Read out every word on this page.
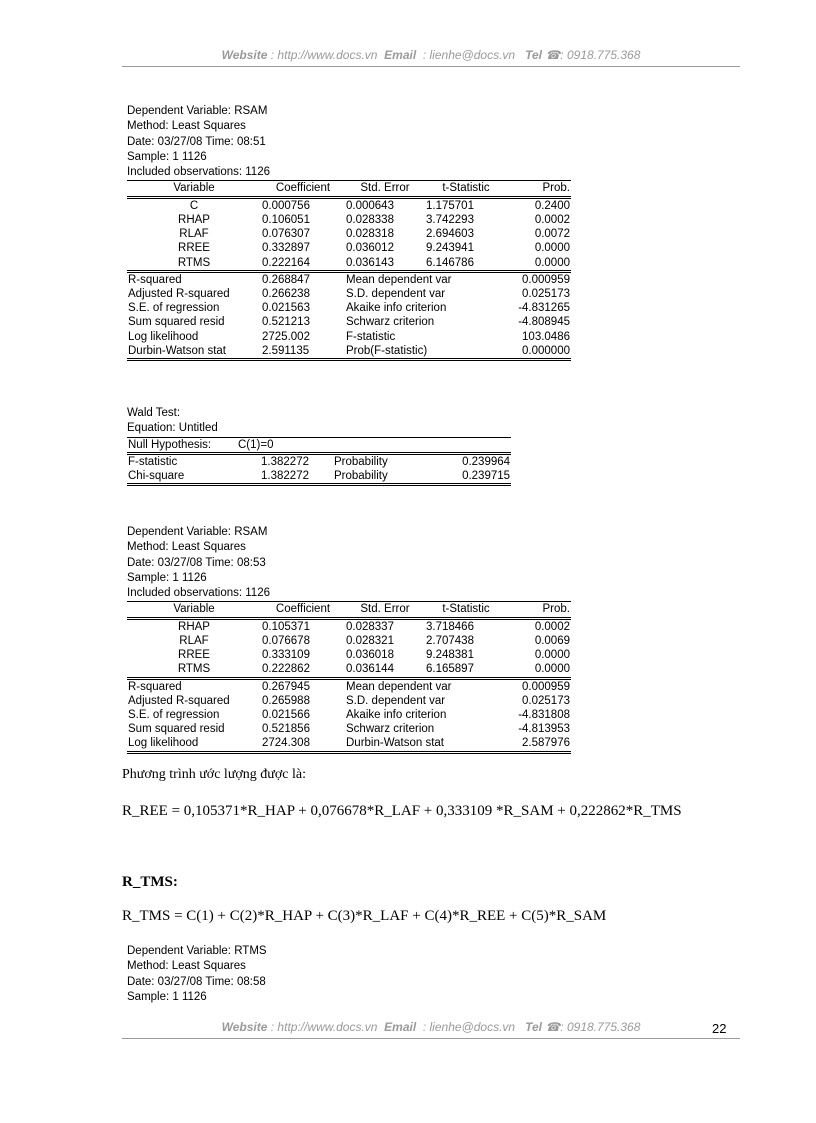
Website : http://www.docs.vn Email : lienhe@docs.vn Tel ☎: 0918.775.368
Dependent Variable: RSAM
Method: Least Squares
Date: 03/27/08 Time: 08:51
Sample: 1 1126
Included observations: 1126
Variable	Coefficient	Std. Error	t-Statistic	Prob.
C	0.000756	0.000643	1.175701	0.2400
RHAP	0.106051	0.028338	3.742293	0.0002
RLAF	0.076307	0.028318	2.694603	0.0072
RREE	0.332897	0.036012	9.243941	0.0000
RTMS	0.222164	0.036143	6.146786	0.0000
R-squared	0.268847	Mean dependent var		0.000959
Adjusted R-squared	0.266238	S.D. dependent var		0.025173
S.E. of regression	0.021563	Akaike info criterion		-4.831265
Sum squared resid	0.521213	Schwarz criterion		-4.808945
Log likelihood	2725.002	F-statistic		103.0486
Durbin-Watson stat	2.591135	Prob(F-statistic)		0.000000
Wald Test:
Equation: Untitled
Null Hypothesis:	C(1)=0		
F-statistic	1.382272	Probability	0.239964
Chi-square	1.382272	Probability	0.239715
Dependent Variable: RSAM
Method: Least Squares
Date: 03/27/08 Time: 08:53
Sample: 1 1126
Included observations: 1126
Variable	Coefficient	Std. Error	t-Statistic	Prob.
RHAP	0.105371	0.028337	3.718466	0.0002
RLAF	0.076678	0.028321	2.707438	0.0069
RREE	0.333109	0.036018	9.248381	0.0000
RTMS	0.222862	0.036144	6.165897	0.0000
R-squared	0.267945	Mean dependent var		0.000959
Adjusted R-squared	0.265988	S.D. dependent var		0.025173
S.E. of regression	0.021566	Akaike info criterion		-4.831808
Sum squared resid	0.521856	Schwarz criterion		-4.813953
Log likelihood	2724.308	Durbin-Watson stat		2.587976
Phương trình ước lượng được là:
R_REE = 0,105371*R_HAP + 0,076678*R_LAF + 0,333109 *R_SAM + 0,222862*R_TMS
R_TMS:
R_TMS = C(1) + C(2)*R_HAP + C(3)*R_LAF + C(4)*R_REE + C(5)*R_SAM
Dependent Variable: RTMS
Method: Least Squares
Date: 03/27/08 Time: 08:58
Sample: 1 1126
Website : http://www.docs.vn Email : lienhe@docs.vn Tel ☎: 0918.775.368	22
